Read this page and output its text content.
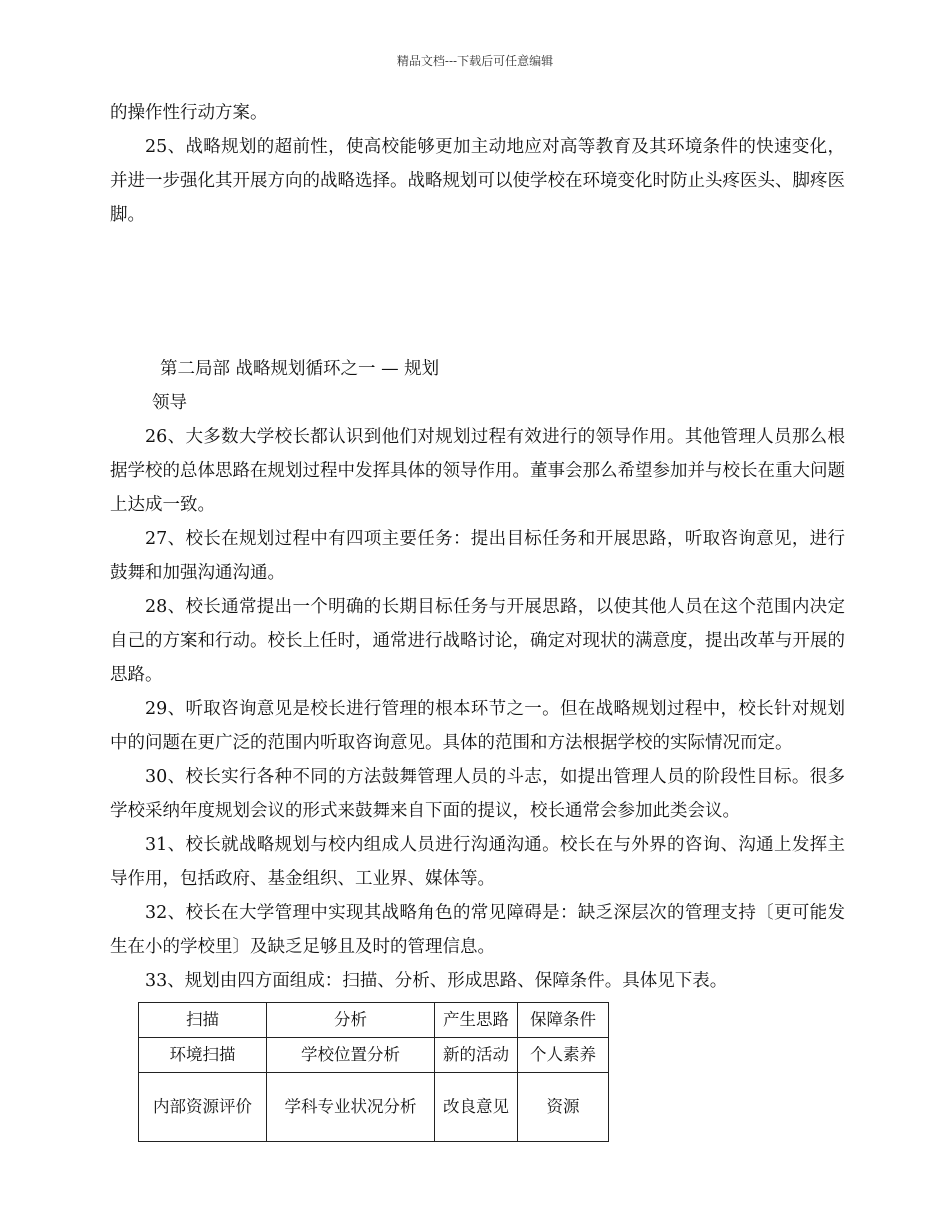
精品文档---下载后可任意编辑

的操作性行动方案。

25、战略规划的超前性，使高校能够更加主动地应对高等教育及其环境条件的快速变化，并进一步强化其开展方向的战略选择。战略规划可以使学校在环境变化时防止头疼医头、脚疼医脚。

第二局部 战略规划循环之一 — 规划
领导

26、大多数大学校长都认识到他们对规划过程有效进行的领导作用。其他管理人员那么根据学校的总体思路在规划过程中发挥具体的领导作用。董事会那么希望参加并与校长在重大问题上达成一致。

27、校长在规划过程中有四项主要任务：提出目标任务和开展思路，听取咨询意见，进行鼓舞和加强沟通沟通。

28、校长通常提出一个明确的长期目标任务与开展思路，以使其他人员在这个范围内决定自己的方案和行动。校长上任时，通常进行战略讨论，确定对现状的满意度，提出改革与开展的思路。

29、听取咨询意见是校长进行管理的根本环节之一。但在战略规划过程中，校长针对规划中的问题在更广泛的范围内听取咨询意见。具体的范围和方法根据学校的实际情况而定。

30、校长实行各种不同的方法鼓舞管理人员的斗志，如提出管理人员的阶段性目标。很多学校采纳年度规划会议的形式来鼓舞来自下面的提议，校长通常会参加此类会议。

31、校长就战略规划与校内组成人员进行沟通沟通。校长在与外界的咨询、沟通上发挥主导作用，包括政府、基金组织、工业界、媒体等。

32、校长在大学管理中实现其战略角色的常见障碍是：缺乏深层次的管理支持〔更可能发生在小的学校里〕及缺乏足够且及时的管理信息。

33、规划由四方面组成：扫描、分析、形成思路、保障条件。具体见下表。

扫描	分析	产生思路	保障条件
环境扫描	学校位置分析	新的活动	个人素养
内部资源评价	学科专业状况分析	改良意见	资源
